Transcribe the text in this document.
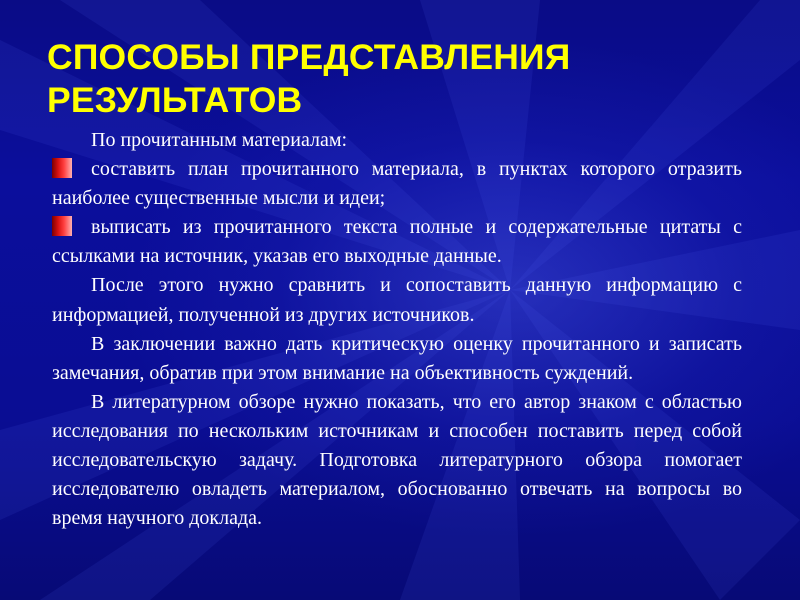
СПОСОБЫ ПРЕДСТАВЛЕНИЯ
РЕЗУЛЬТАТОВ

По прочитанным материалам:

составить план прочитанного материала, в пунктах которого отразить наиболее существенные мысли и идеи;

выписать из прочитанного текста полные и содержательные цитаты с ссылками на источник, указав его выходные данные.

После этого нужно сравнить и сопоставить данную информацию с информацией, полученной из других источников.

В заключении важно дать критическую оценку прочитанного и записать замечания, обратив при этом внимание на объективность суждений.

В литературном обзоре нужно показать, что его автор знаком с областью исследования по нескольким источникам и способен поставить перед собой исследовательскую задачу. Подготовка литературного обзора помогает исследователю овладеть материалом, обоснованно отвечать на вопросы во время научного доклада.
